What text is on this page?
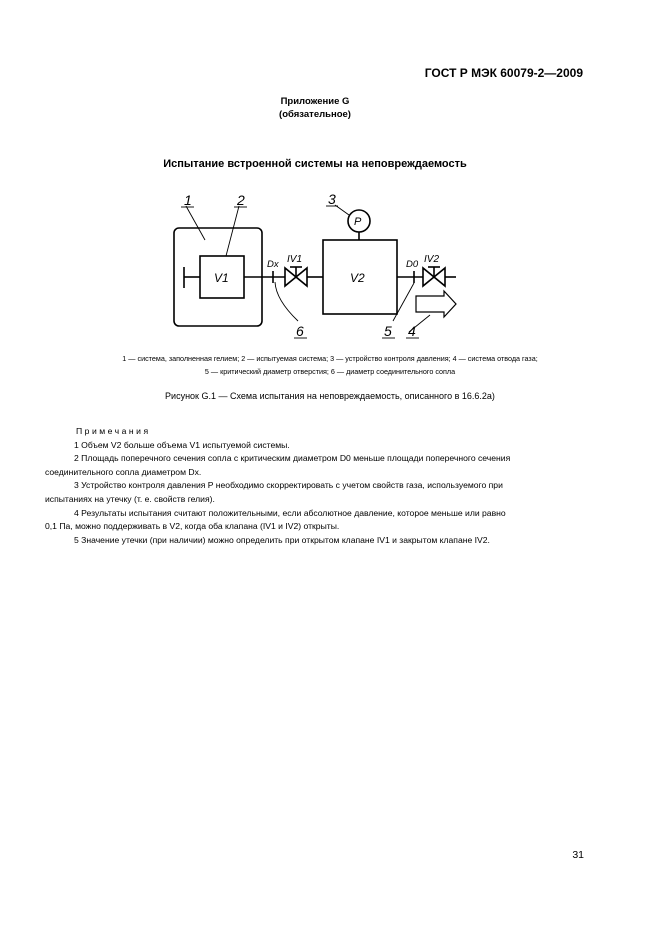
ГОСТ Р МЭК 60079-2—2009
Приложение G
(обязательное)
Испытание встроенной системы на неповреждаемость
1	2	3
6	5 4
V1	V2
P
Dx IV1	D0 IV2
1 — система, заполненная гелием; 2 — испытуемая система; 3 — устройство контроля давления; 4 — система отвода газа;
5 — критический диаметр отверстия; 6 — диаметр соединительного сопла
Рисунок G.1 — Схема испытания на неповреждаемость, описанного в 16.6.2а)

Примечания

1 Объем V2 больше объема V1 испытуемой системы.

2 Площадь поперечного сечения сопла с критическим диаметром D0 меньше площади поперечного сечения

соединительного сопла диаметром Dx.

3 Устройство контроля давления P необходимо скорректировать с учетом свойств газа, используемого при

испытаниях на утечку (т. е. свойств гелия).

4 Результаты испытания считают положительными, если абсолютное давление, которое меньше или равно

0,1 Па, можно поддерживать в V2, когда оба клапана (IV1 и IV2) открыты.

5 Значение утечки (при наличии) можно определить при открытом клапане IV1 и закрытом клапане IV2.

31
